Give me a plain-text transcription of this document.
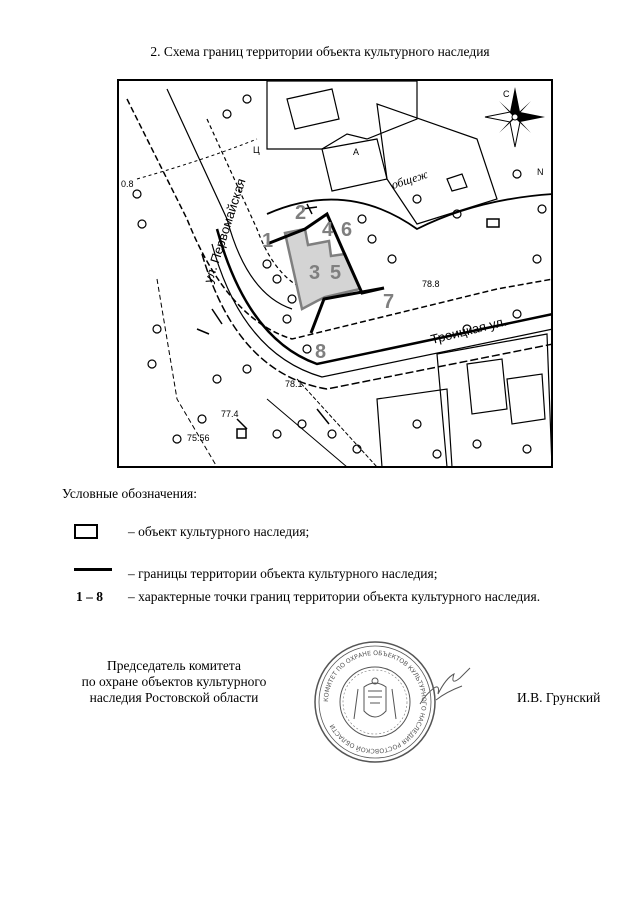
2. Схема границ территории объекта культурного наследия
С
1
2
3
4
5
6
7
8
ул. Первомайская
Троицкая ул.
общеж
78.8
78.1
75.56
0.8
77.4
Ц	А
N
Условные обозначения:
– объект культурного наследия;
– границы территории объекта культурного наследия;
1 – 8 – характерные точки границ территории объекта культурного наследия.
Председатель комитета
по охране объектов культурного
наследия Ростовской области	КОМИТЕТ ПО ОХРАНЕ ОБЪЕКТОВ КУЛЬТУРНОГО НАСЛЕДИЯ РОСТОВСКОЙ ОБЛАСТИ
И.В. Грунский
